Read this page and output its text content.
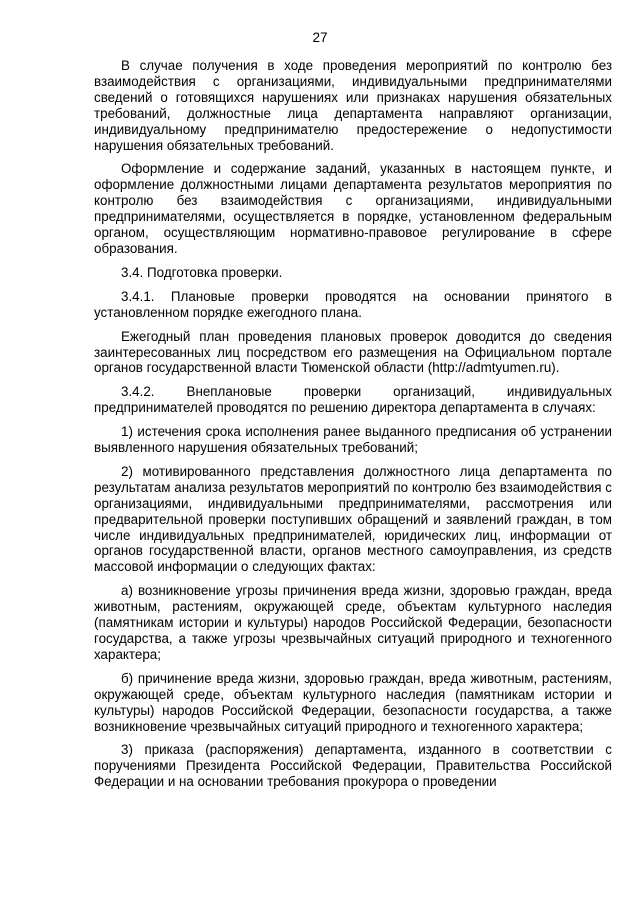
27

В случае получения в ходе проведения мероприятий по контролю без взаимодействия с организациями, индивидуальными предпринимателями сведений о готовящихся нарушениях или признаках нарушения обязательных требований, должностные лица департамента направляют организации, индивидуальному предпринимателю предостережение о недопустимости нарушения обязательных требований.

Оформление и содержание заданий, указанных в настоящем пункте, и оформление должностными лицами департамента результатов мероприятия по контролю без взаимодействия с организациями, индивидуальными предпринимателями, осуществляется в порядке, установленном федеральным органом, осуществляющим нормативно-правовое регулирование в сфере образования.

3.4. Подготовка проверки.

3.4.1. Плановые проверки проводятся на основании принятого в установленном порядке ежегодного плана.

Ежегодный план проведения плановых проверок доводится до сведения заинтересованных лиц посредством его размещения на Официальном портале органов государственной власти Тюменской области (http://admtyumen.ru).

3.4.2. Внеплановые проверки организаций, индивидуальных предпринимателей проводятся по решению директора департамента в случаях:

1) истечения срока исполнения ранее выданного предписания об устранении выявленного нарушения обязательных требований;

2) мотивированного представления должностного лица департамента по результатам анализа результатов мероприятий по контролю без взаимодействия с организациями, индивидуальными предпринимателями, рассмотрения или предварительной проверки поступивших обращений и заявлений граждан, в том числе индивидуальных предпринимателей, юридических лиц, информации от органов государственной власти, органов местного самоуправления, из средств массовой информации о следующих фактах:

а) возникновение угрозы причинения вреда жизни, здоровью граждан, вреда животным, растениям, окружающей среде, объектам культурного наследия (памятникам истории и культуры) народов Российской Федерации, безопасности государства, а также угрозы чрезвычайных ситуаций природного и техногенного характера;

б) причинение вреда жизни, здоровью граждан, вреда животным, растениям, окружающей среде, объектам культурного наследия (памятникам истории и культуры) народов Российской Федерации, безопасности государства, а также возникновение чрезвычайных ситуаций природного и техногенного характера;

3) приказа (распоряжения) департамента, изданного в соответствии с поручениями Президента Российской Федерации, Правительства Российской Федерации и на основании требования прокурора о проведении
